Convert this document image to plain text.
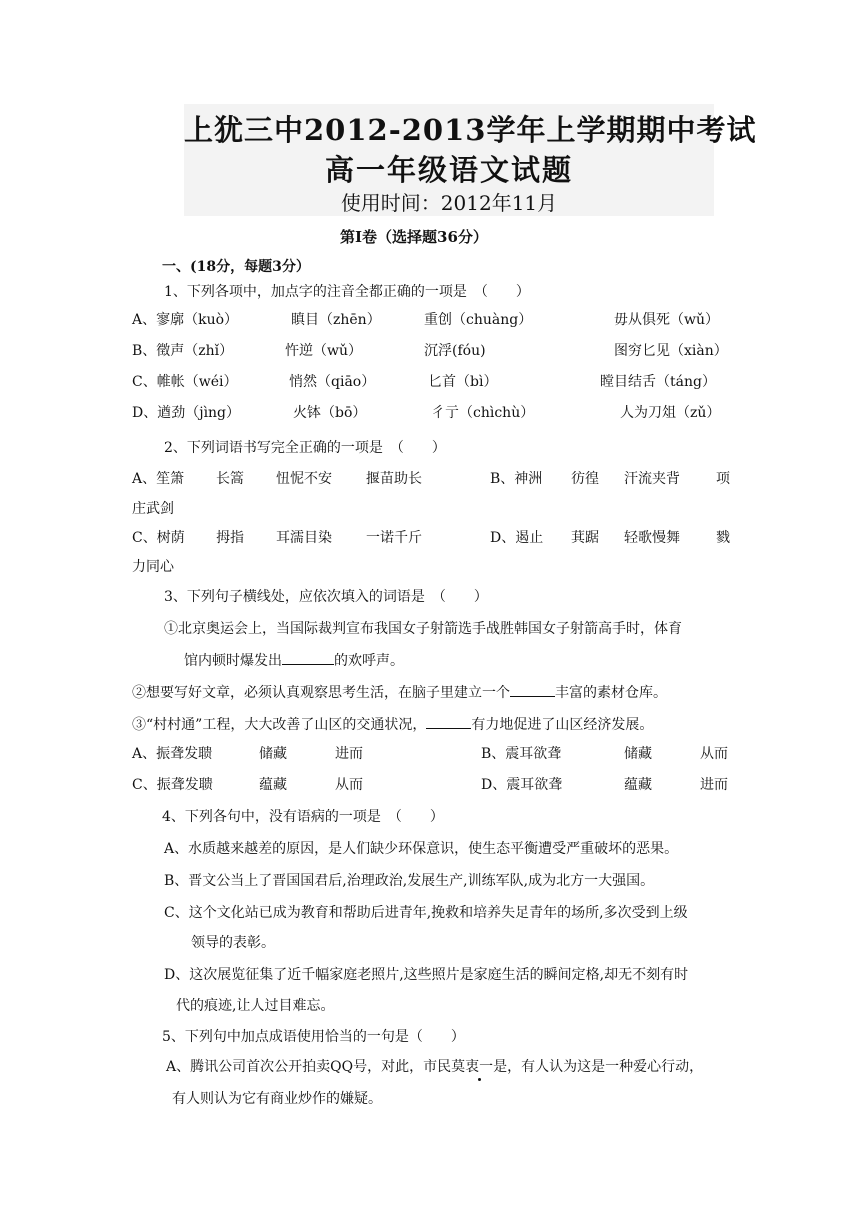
上犹三中2012-2013学年上学期期中考试
高一年级语文试题
使用时间：2012年11月
第Ⅰ卷（选择题36分）
一、(18分，每题3分）
1、下列各项中，加点字的注音全都正确的一项是　（　　）
A、寥廓（kuò）	瞋目（zhēn）	重创（chuàng）	毋从俱死（wǔ）
B、徵声（zhǐ）	忤逆（wǔ）	沉浮(fóu)	图穷匕见（xiàn）
C、帷帐（wéi）	悄然（qiāo）	匕首（bì）	瞠目结舌（táng）
D、遒劲（jìng）	火钵（bō）	彳亍（chìchù）	人为刀俎（zǔ）
2、下列词语书写完全正确的一项是　（　　）
A、笙箫 长篙 忸怩不安 揠苗助长	B、神洲 彷徨 汗流夹背	项
庄武剑
C、树荫 拇指 耳濡目染 一诺千斤	D、遏止 萁踞 轻歌慢舞	戮
力同心
3、下列句子横线处，应依次填入的词语是　（　　）
①北京奥运会上，当国际裁判宣布我国女子射箭选手战胜韩国女子射箭高手时，体育
馆内顿时爆发出	的欢呼声。
②想要写好文章，必须认真观察思考生活，在脑子里建立一个	丰富的素材仓库。
③“村村通”工程，大大改善了山区的交通状况，	有力地促进了山区经济发展。
A、振聋发聩	储藏	进而	B、震耳欲聋	储藏	从而
C、振聋发聩	蕴藏	从而	D、震耳欲聋	蕴藏	进而
4、下列各句中，没有语病的一项是　（　　）
A、水质越来越差的原因，是人们缺少环保意识，使生态平衡遭受严重破坏的恶果。
B、晋文公当上了晋国国君后,治理政治,发展生产,训练军队,成为北方一大强国。
C、这个文化站已成为教育和帮助后进青年,挽救和培养失足青年的场所,多次受到上级
领导的表彰。
D、这次展览征集了近千幅家庭老照片,这些照片是家庭生活的瞬间定格,却无不刻有时
代的痕迹,让人过目难忘。
5、下列句中加点成语使用恰当的一句是（　　）
A、腾讯公司首次公开拍卖QQ号，对此，市民莫衷一是，有人认为这是一种爱心行动，
有人则认为它有商业炒作的嫌疑。
